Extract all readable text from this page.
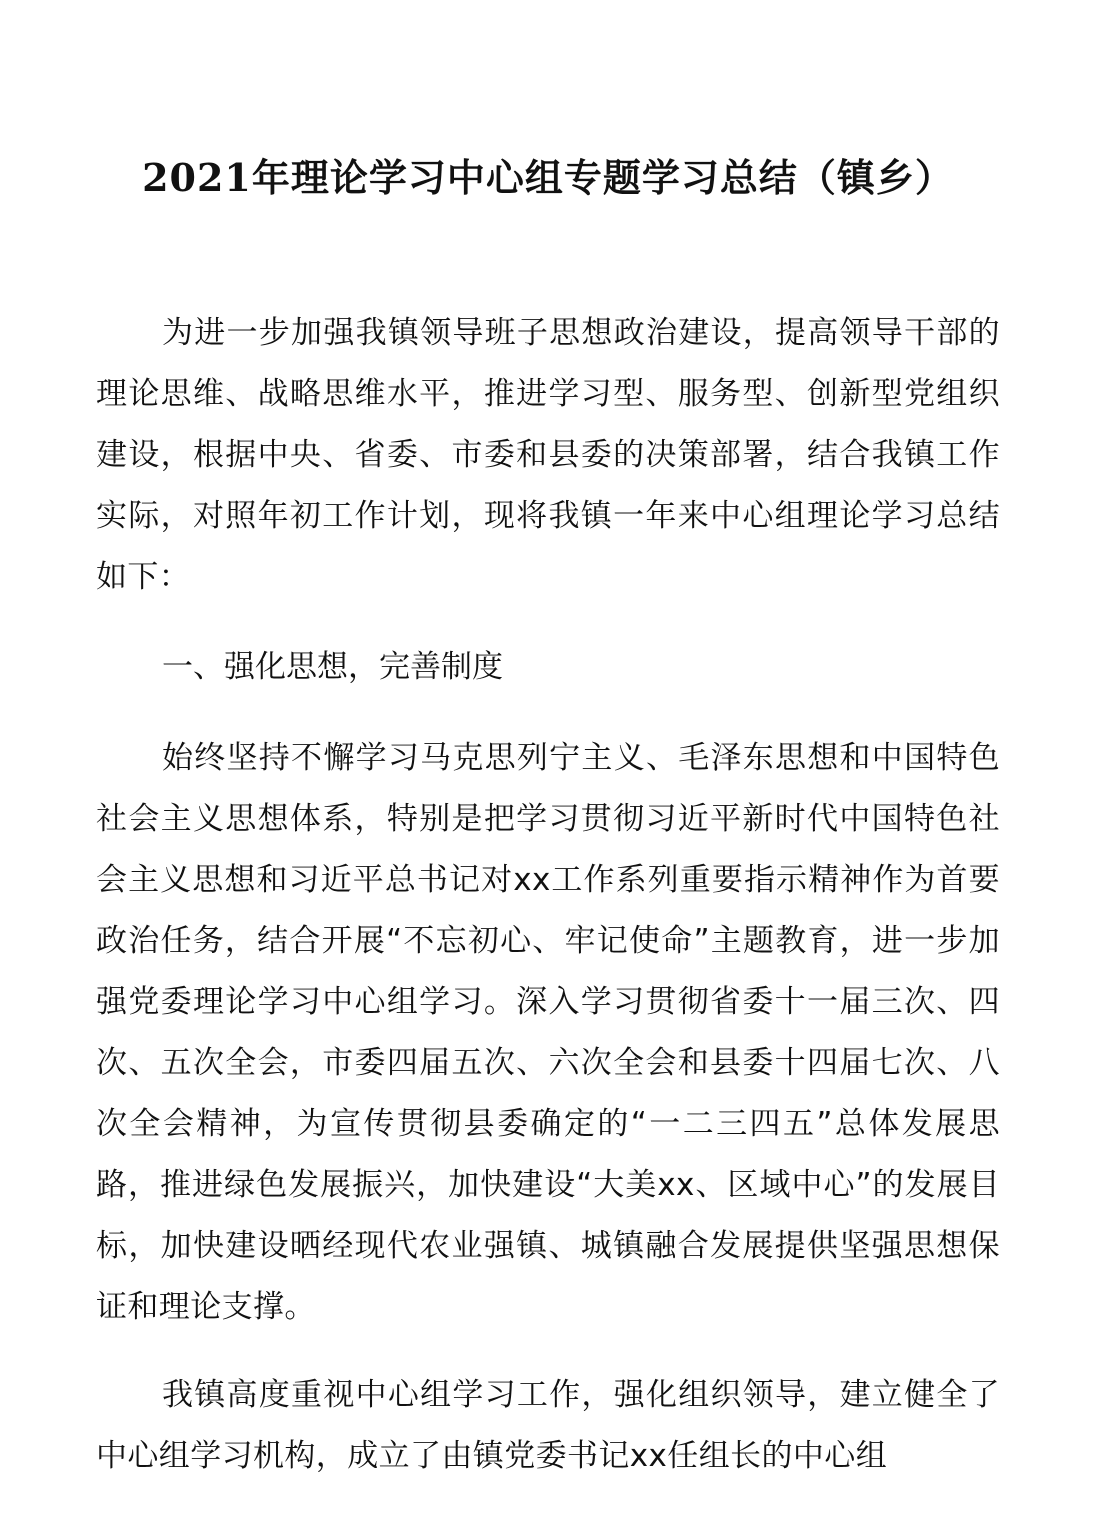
2021年理论学习中心组专题学习总结（镇乡）
为进一步加强我镇领导班子思想政治建设，提高领导干部的理论思维、战略思维水平，推进学习型、服务型、创新型党组织建设，根据中央、省委、市委和县委的决策部署，结合我镇工作实际，对照年初工作计划，现将我镇一年来中心组理论学习总结如下：
一、强化思想，完善制度
始终坚持不懈学习马克思列宁主义、毛泽东思想和中国特色社会主义思想体系，特别是把学习贯彻习近平新时代中国特色社会主义思想和习近平总书记对xx工作系列重要指示精神作为首要政治任务，结合开展“不忘初心、牢记使命”主题教育，进一步加强党委理论学习中心组学习。深入学习贯彻省委十一届三次、四次、五次全会，市委四届五次、六次全会和县委十四届七次、八次全会精神，为宣传贯彻县委确定的“一二三四五”总体发展思路，推进绿色发展振兴，加快建设“大美xx、区域中心”的发展目标，加快建设晒经现代农业强镇、城镇融合发展提供坚强思想保证和理论支撑。
我镇高度重视中心组学习工作，强化组织领导，建立健全了中心组学习机构，成立了由镇党委书记xx任组长的中心组
